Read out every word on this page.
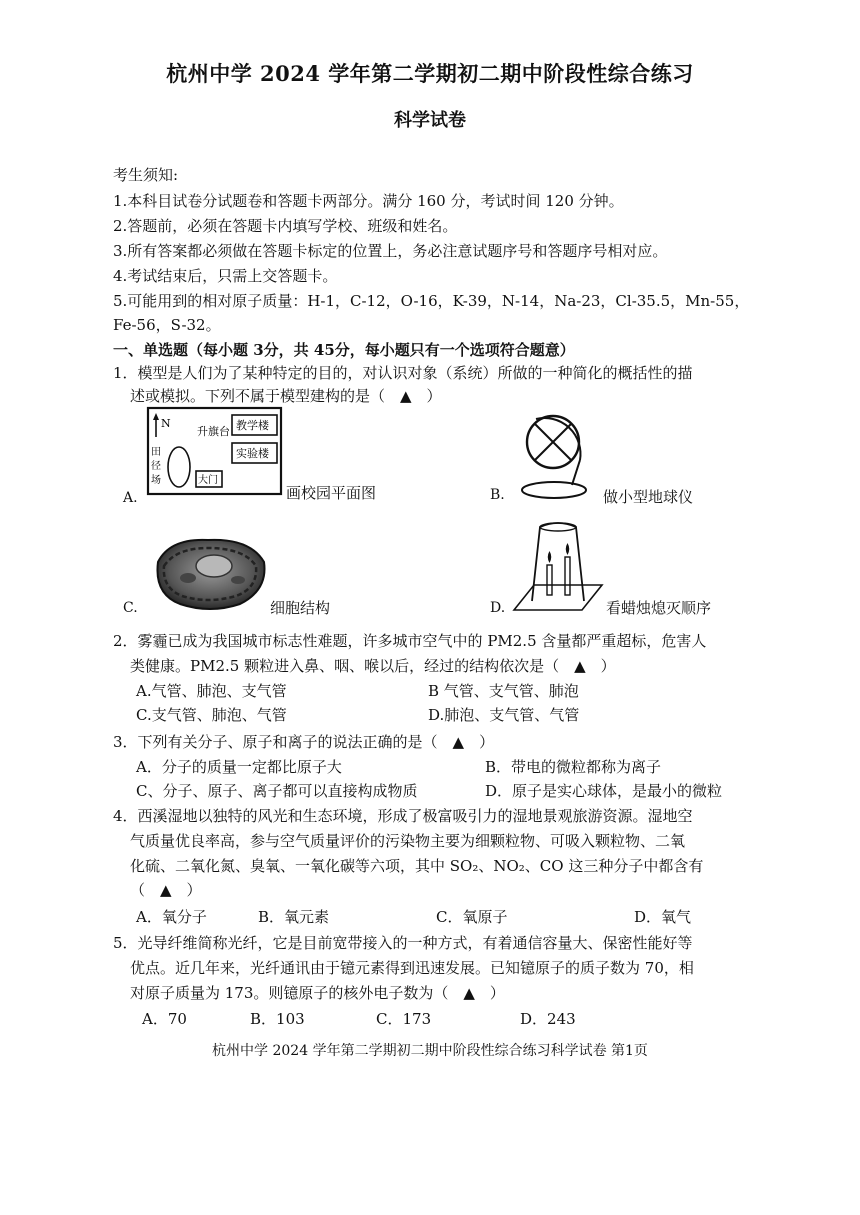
杭州中学 2024 学年第二学期初二期中阶段性综合练习
科学试卷
考生须知:
1.本科目试卷分试题卷和答题卡两部分。满分 160 分，考试时间 120 分钟。
2.答题前，必须在答题卡内填写学校、班级和姓名。
3.所有答案都必须做在答题卡标定的位置上，务必注意试题序号和答题序号相对应。
4.考试结束后，只需上交答题卡。
5.可能用到的相对原子质量：H-1，C-12，O-16，K-39，N-14，Na-23，Cl-35.5，Mn-55，
Fe-56，S-32。
一、单选题（每小题 3分，共 45分，每小题只有一个选项符合题意）
1．模型是人们为了某种特定的目的，对认识对象（系统）所做的一种简化的概括性的描
述或模拟。下列不属于模型建构的是（　▲　）
A.
N
田
径
场
升旗台 教学楼
实验楼
大门
画校园平面图	B.	做小型地球仪
C.	细胞结构	D.	看蜡烛熄灭顺序
2．雾霾已成为我国城市标志性难题，许多城市空气中的 PM2.5 含量都严重超标，危害人
类健康。PM2.5 颗粒进入鼻、咽、喉以后，经过的结构依次是（　▲　）
A.气管、肺泡、支气管	B 气管、支气管、肺泡
C.支气管、肺泡、气管	D.肺泡、支气管、气管
3．下列有关分子、原子和离子的说法正确的是（　▲　）
A．分子的质量一定都比原子大	B．带电的微粒都称为离子
C、分子、原子、离子都可以直接构成物质	D．原子是实心球体，是最小的微粒
4．西溪湿地以独特的风光和生态环境，形成了极富吸引力的湿地景观旅游资源。湿地空
气质量优良率高，参与空气质量评价的污染物主要为细颗粒物、可吸入颗粒物、二氧
化硫、二氧化氮、臭氧、一氧化碳等六项，其中 SO₂、NO₂、CO 这三种分子中都含有
（　▲　）
A．氧分子	B．氧元素	C．氧原子	D．氧气
5．光导纤维简称光纤，它是目前宽带接入的一种方式，有着通信容量大、保密性能好等
优点。近几年来，光纤通讯由于镱元素得到迅速发展。已知镱原子的质子数为 70，相
对原子质量为 173。则镱原子的核外电子数为（　▲　）
A．70	B．103	C．173	D．243
杭州中学 2024 学年第二学期初二期中阶段性综合练习科学试卷 第1页
